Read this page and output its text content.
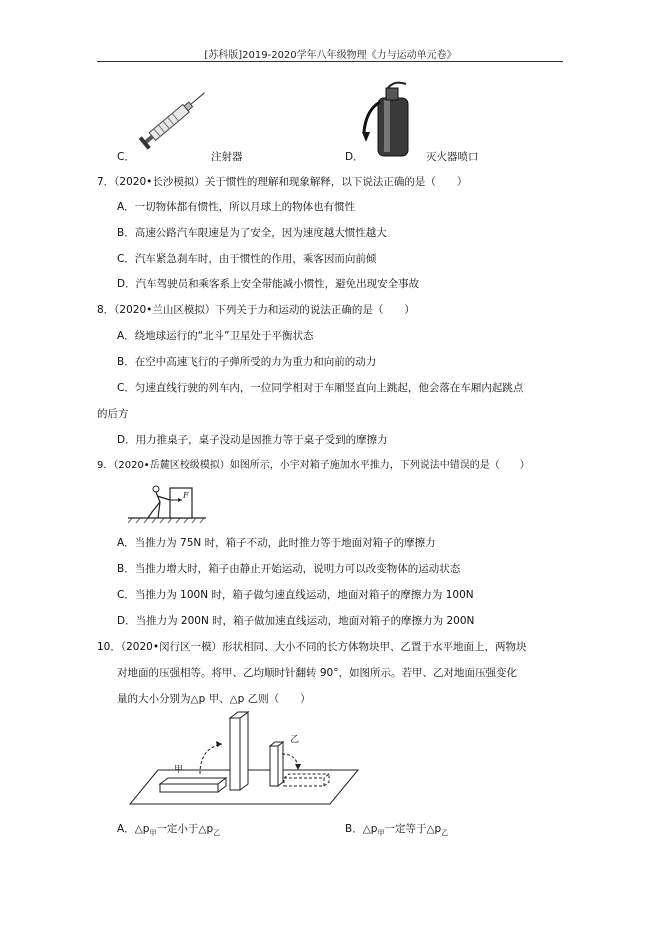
[苏科版]2019-2020学年八年级物理《力与运动单元卷》
C．	注射器	D．	灭火器喷口
7．（2020•长沙模拟）关于惯性的理解和现象解释，以下说法正确的是（　　）
A．一切物体都有惯性，所以月球上的物体也有惯性
B．高速公路汽车限速是为了安全，因为速度越大惯性越大
C．汽车紧急刹车时，由于惯性的作用，乘客因而向前倾
D．汽车驾驶员和乘客系上安全带能减小惯性，避免出现安全事故
8．（2020•兰山区模拟）下列关于力和运动的说法正确的是（　　）
A．绕地球运行的“北斗”卫星处于平衡状态
B．在空中高速飞行的子弹所受的力为重力和向前的动力
C．匀速直线行驶的列车内，一位同学相对于车厢竖直向上跳起，他会落在车厢内起跳点
的后方
D．用力推桌子，桌子没动是因推力等于桌子受到的摩擦力
9．（2020•岳麓区校级模拟）如图所示，小宇对箱子施加水平推力，下列说法中错误的是（　　）
F
A．当推力为 75N 时，箱子不动，此时推力等于地面对箱子的摩擦力
B．当推力增大时，箱子由静止开始运动，说明力可以改变物体的运动状态
C．当推力为 100N 时，箱子做匀速直线运动，地面对箱子的摩擦力为 100N
D．当推力为 200N 时，箱子做加速直线运动，地面对箱子的摩擦力为 200N
10．（2020•闵行区一模）形状相同、大小不同的长方体物块甲、乙置于水平地面上，两物块
对地面的压强相等。将甲、乙均顺时针翻转 90°，如图所示。若甲、乙对地面压强变化
量的大小分别为△p 甲、△p 乙则（　　）
甲
乙
A．$\triangle p_甲$一定小于$\triangle p_乙$	B．$\triangle p_甲$一定等于$\triangle p_乙$
